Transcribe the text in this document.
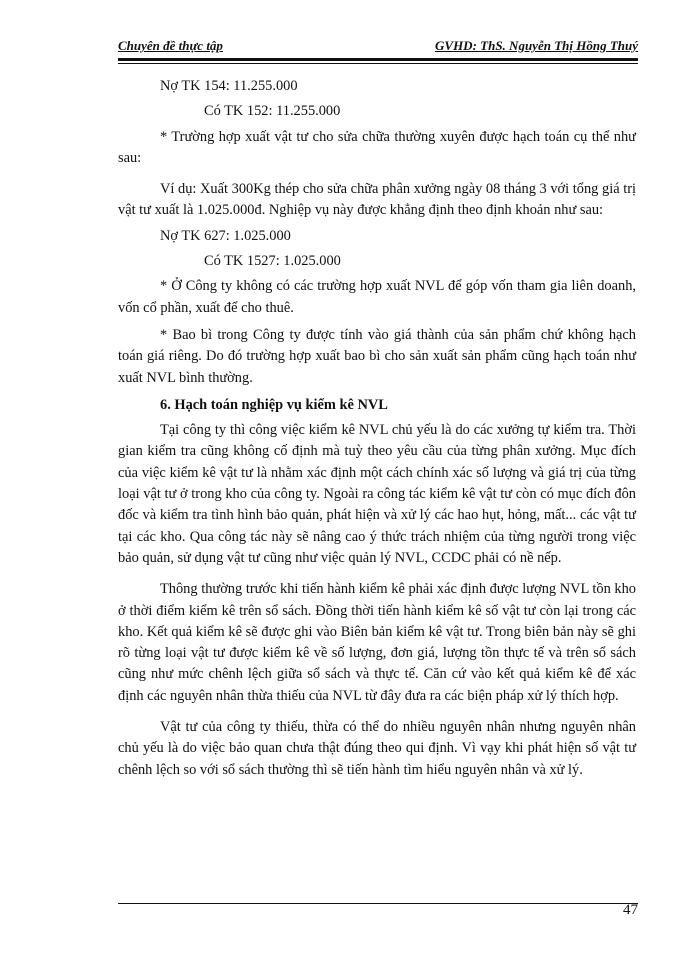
Chuyên đề thực tập	GVHD: ThS. Nguyễn Thị Hồng Thuý

Nợ TK 154: 11.255.000

Có TK 152: 11.255.000

* Trường hợp xuất vật tư cho sửa chữa thường xuyên được hạch toán cụ thể như sau:

Ví dụ: Xuất 300Kg thép cho sửa chữa phân xưởng ngày 08 tháng 3 với tổng giá trị vật tư xuất là 1.025.000đ. Nghiệp vụ này được khẳng định theo định khoản như sau:

Nợ TK 627: 1.025.000

Có TK 1527: 1.025.000

* Ở Công ty không có các trường hợp xuất NVL để góp vốn tham gia liên doanh, vốn cổ phần, xuất để cho thuê.

* Bao bì trong Công ty được tính vào giá thành của sản phẩm chứ không hạch toán giá riêng. Do đó trường hợp xuất bao bì cho sản xuất sản phẩm cũng hạch toán như xuất NVL bình thường.

6. Hạch toán nghiệp vụ kiểm kê NVL

Tại công ty thì công việc kiểm kê NVL chủ yếu là do các xưởng tự kiểm tra. Thời gian kiểm tra cũng không cố định mà tuỳ theo yêu cầu của từng phân xưởng. Mục đích của việc kiểm kê vật tư là nhằm xác định một cách chính xác số lượng và giá trị của từng loại vật tư ở trong kho của công ty. Ngoài ra công tác kiểm kê vật tư còn có mục đích đôn đốc và kiểm tra tình hình bảo quản, phát hiện và xử lý các hao hụt, hỏng, mất... các vật tư tại các kho. Qua công tác này sẽ nâng cao ý thức trách nhiệm của từng người trong việc bảo quản, sử dụng vật tư cũng như việc quản lý NVL, CCDC phải có nề nếp.

Thông thường trước khi tiến hành kiểm kê phải xác định được lượng NVL tồn kho ở thời điểm kiểm kê trên sổ sách. Đồng thời tiến hành kiểm kê số vật tư còn lại trong các kho. Kết quả kiểm kê sẽ được ghi vào Biên bản kiểm kê vật tư. Trong biên bản này sẽ ghi rõ từng loại vật tư được kiểm kê về số lượng, đơn giá, lượng tồn thực tế và trên sổ sách cũng như mức chênh lệch giữa sổ sách và thực tế. Căn cứ vào kết quả kiểm kê để xác định các nguyên nhân thừa thiếu của NVL từ đây đưa ra các biện pháp xử lý thích hợp.

Vật tư của công ty thiếu, thừa có thể do nhiều nguyên nhân nhưng nguyên nhân chủ yếu là do việc bảo quan chưa thật đúng theo qui định. Vì vạy khi phát hiện số vật tư chênh lệch so với sổ sách thường thì sẽ tiến hành tìm hiểu nguyên nhân và xử lý.

47
